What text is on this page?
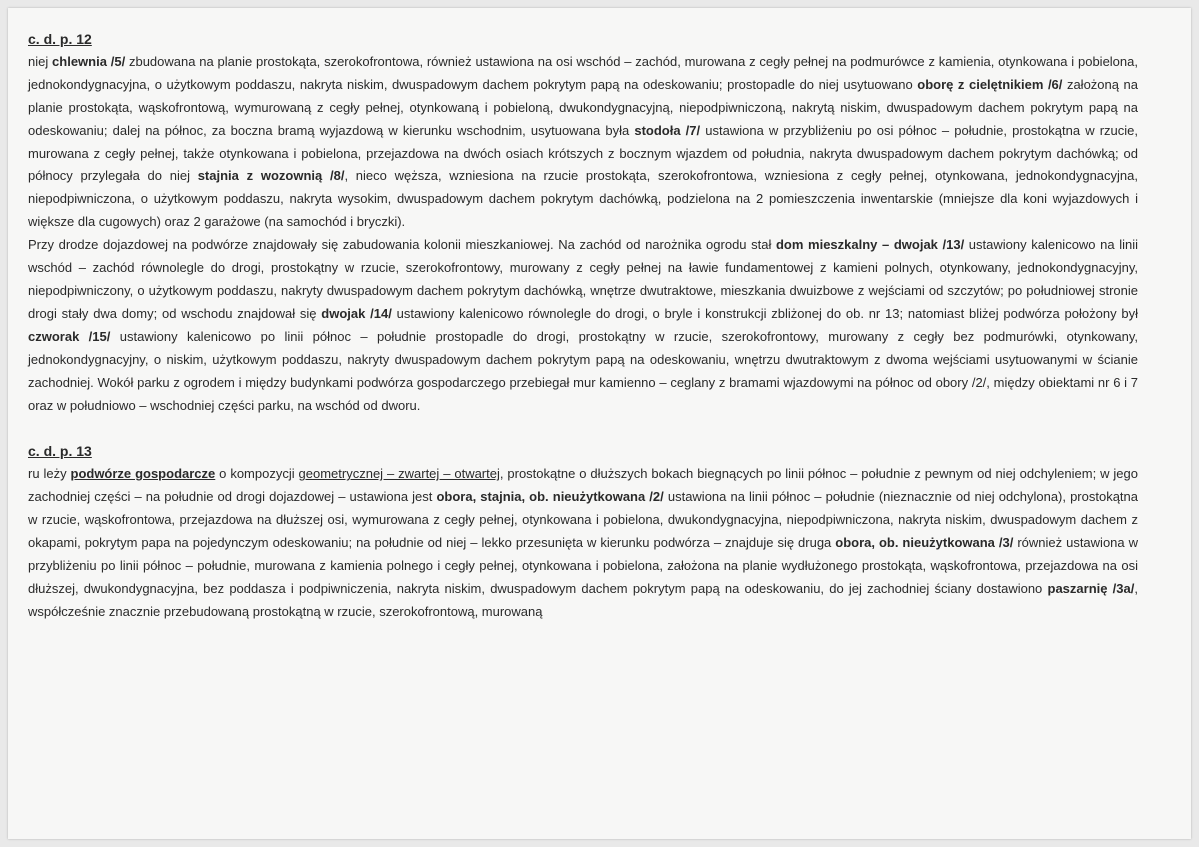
c. d. p. 12

niej chlewnia /5/ zbudowana na planie prostokąta, szerokofrontowa, również ustawiona na osi wschód – zachód, murowana z cegły pełnej na podmurówce z kamienia, otynkowana i pobielona, jednokondygnacyjna, o użytkowym poddaszu, nakryta niskim, dwuspadowym dachem pokrytym papą na odeskowaniu; prostopadle do niej usytuowano oborę z cielętnikiem /6/ założoną na planie prostokąta, wąskofrontową, wymurowaną z cegły pełnej, otynkowaną i pobieloną, dwukondygnacyjną, niepodpiwniczoną, nakrytą niskim, dwuspadowym dachem pokrytym papą na odeskowaniu; dalej na północ, za boczna bramą wyjazdową w kierunku wschodnim, usytuowana była stodoła /7/ ustawiona w przybliżeniu po osi północ – południe, prostokątna w rzucie, murowana z cegły pełnej, także otynkowana i pobielona, przejazdowa na dwóch osiach krótszych z bocznym wjazdem od południa, nakryta dwuspadowym dachem pokrytym dachówką; od północy przylegała do niej stajnia z wozownią /8/, nieco węższa, wzniesiona na rzucie prostokąta, szerokofrontowa, wzniesiona z cegły pełnej, otynkowana, jednokondygnacyjna, niepodpiwniczona, o użytkowym poddaszu, nakryta wysokim, dwuspadowym dachem pokrytym dachówką, podzielona na 2 pomieszczenia inwentarskie (mniejsze dla koni wyjazdowych i większe dla cugowych) oraz 2 garażowe (na samochód i bryczki).

Przy drodze dojazdowej na podwórze znajdowały się zabudowania kolonii mieszkaniowej. Na zachód od narożnika ogrodu stał dom mieszkalny – dwojak /13/ ustawiony kalenicowo na linii wschód – zachód równolegle do drogi, prostokątny w rzucie, szerokofrontowy, murowany z cegły pełnej na ławie fundamentowej z kamieni polnych, otynkowany, jednokondygnacyjny, niepodpiwniczony, o użytkowym poddaszu, nakryty dwuspadowym dachem pokrytym dachówką, wnętrze dwutraktowe, mieszkania dwuizbowe z wejściami od szczytów; po południowej stronie drogi stały dwa domy; od wschodu znajdował się dwojak /14/ ustawiony kalenicowo równolegle do drogi, o bryle i konstrukcji zbliżonej do ob. nr 13; natomiast bliżej podwórza położony był czworak /15/ ustawiony kalenicowo po linii północ – południe prostopadle do drogi, prostokątny w rzucie, szerokofrontowy, murowany z cegły bez podmurówki, otynkowany, jednokondygnacyjny, o niskim, użytkowym poddaszu, nakryty dwuspadowym dachem pokrytym papą na odeskowaniu, wnętrzu dwutraktowym z dwoma wejściami usytuowanymi w ścianie zachodniej. Wokół parku z ogrodem i między budynkami podwórza gospodarczego przebiegał mur kamienno – ceglany z bramami wjazdowymi na północ od obory /2/, między obiektami nr 6 i 7 oraz w południowo – wschodniej części parku, na wschód od dworu.

c. d. p. 13

ru leży podwórze gospodarcze o kompozycji geometrycznej – zwartej – otwartej, prostokątne o dłuższych bokach biegnących po linii północ – południe z pewnym od niej odchyleniem; w jego zachodniej części – na południe od drogi dojazdowej – ustawiona jest obora, stajnia, ob. nieużytkowana /2/ ustawiona na linii północ – południe (nieznacznie od niej odchylona), prostokątna w rzucie, wąskofrontowa, przejazdowa na dłuższej osi, wymurowana z cegły pełnej, otynkowana i pobielona, dwukondygnacyjna, niepodpiwniczona, nakryta niskim, dwuspadowym dachem z okapami, pokrytym papa na pojedynczym odeskowaniu; na południe od niej – lekko przesunięta w kierunku podwórza – znajduje się druga obora, ob. nieużytkowana /3/ również ustawiona w przybliżeniu po linii północ – południe, murowana z kamienia polnego i cegły pełnej, otynkowana i pobielona, założona na planie wydłużonego prostokąta, wąskofrontowa, przejazdowa na osi dłuższej, dwukondygnacyjna, bez poddasza i podpiwniczenia, nakryta niskim, dwuspadowym dachem pokrytym papą na odeskowaniu, do jej zachodniej ściany dostawiono paszarnię /3a/, współcześnie znacznie przebudowaną prostokątną w rzucie, szerokofrontową, murowaną
